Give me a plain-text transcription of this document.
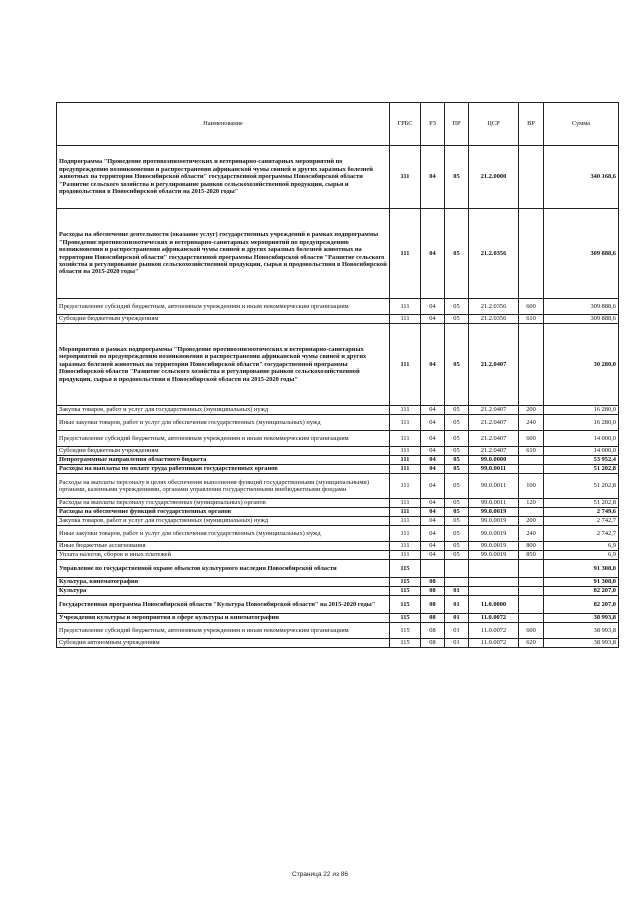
Наименование	ГРБС	РЗ	ПР	ЦСР	ВР	Сумма
Подпрограмма "Проведение противоэпизоотических и ветеринарно-санитарных мероприятий по предупреждению возникновения и распространения африканской чумы свиней и других заразных болезней животных на территории Новосибирской области" государственной программы Новосибирской области "Развитие сельского хозяйства и регулирование рынков сельскохозяйственной продукции, сырья и продовольствия в Новосибирской области на 2015-2020 годы"	111	04	05	21.2.0000		340 168,6
Расходы на обеспечение деятельности (оказание услуг) государственных учреждений в рамках подпрограммы "Проведение противоэпизоотических и ветеринарно-санитарных мероприятий по предупреждению возникновения и распространения африканской чумы свиней и других заразных болезней животных на территории Новосибирской области" государственной программы Новосибирской области "Развитие сельского хозяйства и регулирование рынков сельскохозяйственной продукции, сырья и продовольствия в Новосибирской области на 2015-2020 годы"	111	04	05	21.2.0356		309 888,6
Предоставление субсидий бюджетным, автономным учреждениям и иным некоммерческим организациям	111	04	05	21.2.0356	600	309 888,6
Субсидии бюджетным учреждениям	111	04	05	21.2.0356	610	309 888,6
Мероприятия в рамках подпрограммы "Проведение противоэпизоотических и ветеринарно-санитарных мероприятий по предупреждению возникновения и распространения африканской чумы свиней и других заразных болезней животных на территории Новосибирской области" государственной программы Новосибирской области "Развитие сельского хозяйства и регулирование рынков сельскохозяйственной продукции, сырья и продовольствия в Новосибирской области на 2015-2020 годы"	111	04	05	21.2.0407		30 280,0
Закупка товаров, работ и услуг для государственных (муниципальных) нужд	111	04	05	21.2.0407	200	16 280,0
Иные закупки товаров, работ и услуг для обеспечения государственных (муниципальных) нужд	111	04	05	21.2.0407	240	16 280,0
Предоставление субсидий бюджетным, автономным учреждениям и иным некоммерческим организациям	111	04	05	21.2.0407	600	14 000,0
Субсидии бюджетным учреждениям	111	04	05	21.2.0407	610	14 000,0
Непрограммные направления областного бюджета	111	04	05	99.0.0000		53 952,4
Расходы на выплаты по оплате труда работников государственных органов	111	04	05	99.0.0011		51 202,8
Расходы на выплаты персоналу в целях обеспечения выполнения функций государственными (муниципальными) органами, казенными учреждениями, органами управления государственными внебюджетными фондами	111	04	05	99.0.0011	100	51 202,8
Расходы на выплаты персоналу государственных (муниципальных) органов	111	04	05	99.0.0011	120	51 202,8
Расходы на обеспечение функций государственных органов	111	04	05	99.0.0019		2 749,6
Закупка товаров, работ и услуг для государственных (муниципальных) нужд	111	04	05	99.0.0019	200	2 742,7
Иные закупки товаров, работ и услуг для обеспечения государственных (муниципальных) нужд	111	04	05	99.0.0019	240	2 742,7
Иные бюджетные ассигнования	111	04	05	99.0.0019	800	6,9
Уплата налогов, сборов и иных платежей	111	04	05	99.0.0019	850	6,9
Управление по государственной охране объектов культурного наследия Новосибирской области	115					91 308,0
Культура, кинематография	115	08				91 308,0
Культура	115	08	01			82 207,0
Государственная программа Новосибирской области "Культура Новосибирской области" на 2015-2020 годы"	115	08	01	11.0.0000		82 207,0
Учреждения культуры и мероприятия в сфере культуры и кинематографии	115	08	01	11.0.0072		38 993,8
Предоставление субсидий бюджетным, автономным учреждениям и иным некоммерческим организациям	115	08	01	11.0.0072	600	38 993,8
Субсидии автономным учреждениям	115	08	01	11.0.0072	620	38 993,8
Страница 22 из 86
